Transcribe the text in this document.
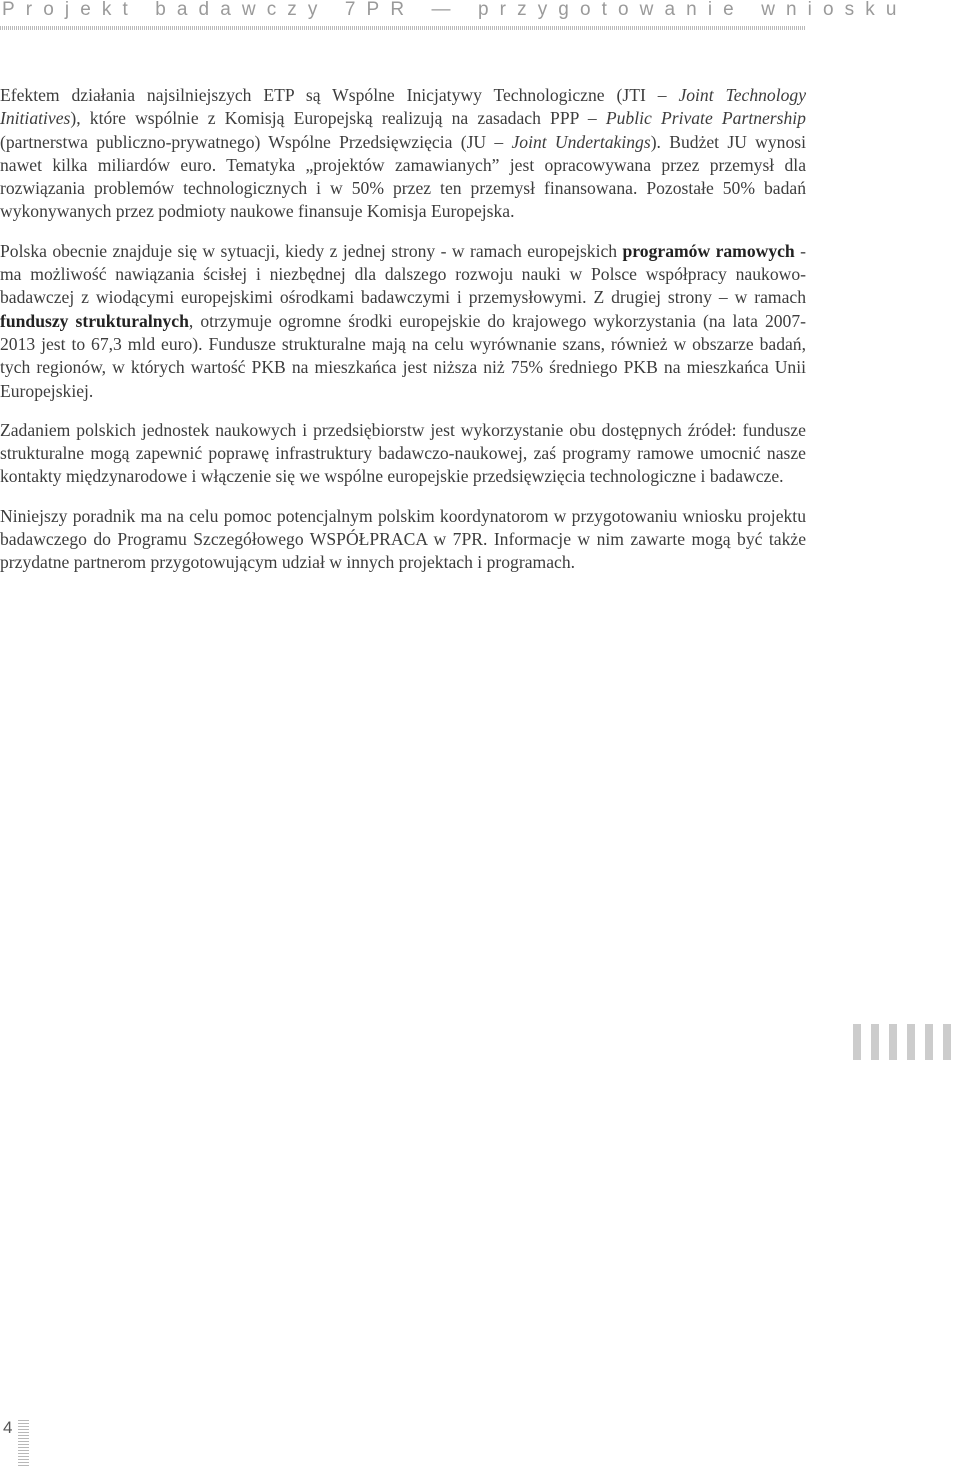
Projekt badawczy 7PR — przygotowanie wniosku

Efektem działania najsilniejszych ETP są Wspólne Inicjatywy Technologiczne (JTI – Joint Technology Initiatives), które wspólnie z Komisją Europejską realizują na zasadach PPP – Public Private Partnership (partnerstwa publiczno-prywatnego) Wspólne Przedsięwzięcia (JU – Joint Undertakings). Budżet JU wynosi nawet kilka miliardów euro. Tematyka „projektów zamawianych” jest opracowywana przez przemysł dla rozwiązania problemów technologicznych i w 50% przez ten przemysł finansowana. Pozostałe 50% badań wykonywanych przez podmioty naukowe finansuje Komisja Europejska.

Polska obecnie znajduje się w sytuacji, kiedy z jednej strony - w ramach europejskich programów ramowych - ma możliwość nawiązania ścisłej i niezbędnej dla dalszego rozwoju nauki w Polsce współpracy naukowo-badawczej z wiodącymi europejskimi ośrodkami badawczymi i przemysłowymi. Z drugiej strony – w ramach funduszy strukturalnych, otrzymuje ogromne środki europejskie do krajowego wykorzystania (na lata 2007-2013 jest to 67,3 mld euro). Fundusze strukturalne mają na celu wyrównanie szans, również w obszarze badań, tych regionów, w których wartość PKB na mieszkańca jest niższa niż 75% średniego PKB na mieszkańca Unii Europejskiej.

Zadaniem polskich jednostek naukowych i przedsiębiorstw jest wykorzystanie obu dostępnych źródeł: fundusze strukturalne mogą zapewnić poprawę infrastruktury badawczo-naukowej, zaś programy ramowe umocnić nasze kontakty międzynarodowe i włączenie się we wspólne europejskie przedsięwzięcia technologiczne i badawcze.

Niniejszy poradnik ma na celu pomoc potencjalnym polskim koordynatorom w przygotowaniu wniosku projektu badawczego do Programu Szczegółowego WSPÓŁPRACA w 7PR. Informacje w nim zawarte mogą być także przydatne partnerom przygotowującym udział w innych projektach i programach.

4
